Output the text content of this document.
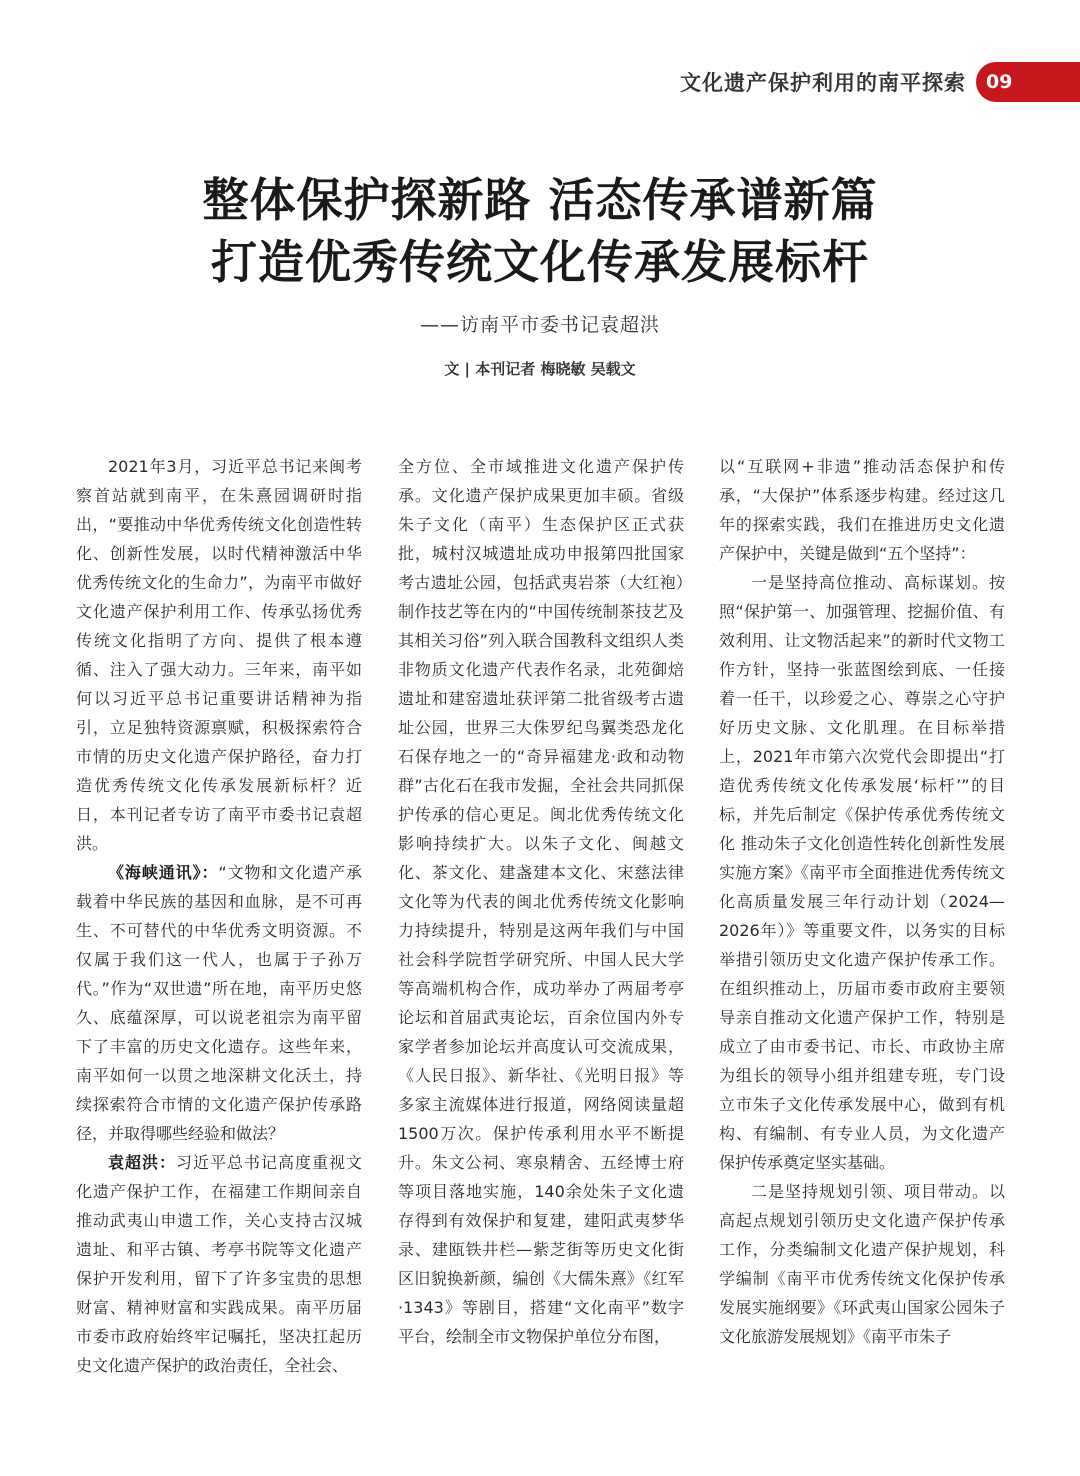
文化遗产保护利用的南平探索	09
整体保护探新路 活态传承谱新篇
打造优秀传统文化传承发展标杆
——访南平市委书记袁超洪
文 | 本刊记者 梅晓敏 吴载文

2021年3月，习近平总书记来闽考察首站就到南平，在朱熹园调研时指出，“要推动中华优秀传统文化创造性转化、创新性发展，以时代精神激活中华优秀传统文化的生命力”，为南平市做好文化遗产保护利用工作、传承弘扬优秀传统文化指明了方向、提供了根本遵循、注入了强大动力。三年来，南平如何以习近平总书记重要讲话精神为指引，立足独特资源禀赋，积极探索符合市情的历史文化遗产保护路径，奋力打造优秀传统文化传承发展新标杆？近日，本刊记者专访了南平市委书记袁超洪。

《海峡通讯》：“文物和文化遗产承载着中华民族的基因和血脉，是不可再生、不可替代的中华优秀文明资源。不仅属于我们这一代人，也属于子孙万代。”作为“双世遗”所在地，南平历史悠久、底蕴深厚，可以说老祖宗为南平留下了丰富的历史文化遗存。这些年来，南平如何一以贯之地深耕文化沃土，持续探索符合市情的文化遗产保护传承路径，并取得哪些经验和做法？

袁超洪：习近平总书记高度重视文化遗产保护工作，在福建工作期间亲自推动武夷山申遗工作，关心支持古汉城遗址、和平古镇、考亭书院等文化遗产保护开发利用，留下了许多宝贵的思想财富、精神财富和实践成果。南平历届市委市政府始终牢记嘱托，坚决扛起历史文化遗产保护的政治责任，全社会、

全方位、全市域推进文化遗产保护传承。文化遗产保护成果更加丰硕。省级朱子文化（南平）生态保护区正式获批，城村汉城遗址成功申报第四批国家考古遗址公园，包括武夷岩茶（大红袍）制作技艺等在内的“中国传统制茶技艺及其相关习俗”列入联合国教科文组织人类非物质文化遗产代表作名录，北苑御焙遗址和建窑遗址获评第二批省级考古遗址公园，世界三大侏罗纪鸟翼类恐龙化石保存地之一的“奇异福建龙·政和动物群”古化石在我市发掘，全社会共同抓保护传承的信心更足。闽北优秀传统文化影响持续扩大。以朱子文化、闽越文化、茶文化、建盏建本文化、宋慈法律文化等为代表的闽北优秀传统文化影响力持续提升，特别是这两年我们与中国社会科学院哲学研究所、中国人民大学等高端机构合作，成功举办了两届考亭论坛和首届武夷论坛，百余位国内外专家学者参加论坛并高度认可交流成果，《人民日报》、新华社、《光明日报》等多家主流媒体进行报道，网络阅读量超1500万次。保护传承利用水平不断提升。朱文公祠、寒泉精舍、五经博士府等项目落地实施，140余处朱子文化遗存得到有效保护和复建，建阳武夷梦华录、建瓯铁井栏—紫芝街等历史文化街区旧貌换新颜，编创《大儒朱熹》《红军·1343》等剧目，搭建“文化南平”数字平台，绘制全市文物保护单位分布图，

以“互联网+非遗”推动活态保护和传承，“大保护”体系逐步构建。经过这几年的探索实践，我们在推进历史文化遗产保护中，关键是做到“五个坚持”：

一是坚持高位推动、高标谋划。按照“保护第一、加强管理、挖掘价值、有效利用、让文物活起来”的新时代文物工作方针，坚持一张蓝图绘到底、一任接着一任干，以珍爱之心、尊崇之心守护好历史文脉、文化肌理。在目标举措上，2021年市第六次党代会即提出“打造优秀传统文化传承发展‘标杆’”的目标，并先后制定《保护传承优秀传统文化 推动朱子文化创造性转化创新性发展实施方案》《南平市全面推进优秀传统文化高质量发展三年行动计划（2024—2026年）》等重要文件，以务实的目标举措引领历史文化遗产保护传承工作。在组织推动上，历届市委市政府主要领导亲自推动文化遗产保护工作，特别是成立了由市委书记、市长、市政协主席为组长的领导小组并组建专班，专门设立市朱子文化传承发展中心，做到有机构、有编制、有专业人员，为文化遗产保护传承奠定坚实基础。

二是坚持规划引领、项目带动。以高起点规划引领历史文化遗产保护传承工作，分类编制文化遗产保护规划，科学编制《南平市优秀传统文化保护传承发展实施纲要》《环武夷山国家公园朱子文化旅游发展规划》《南平市朱子
